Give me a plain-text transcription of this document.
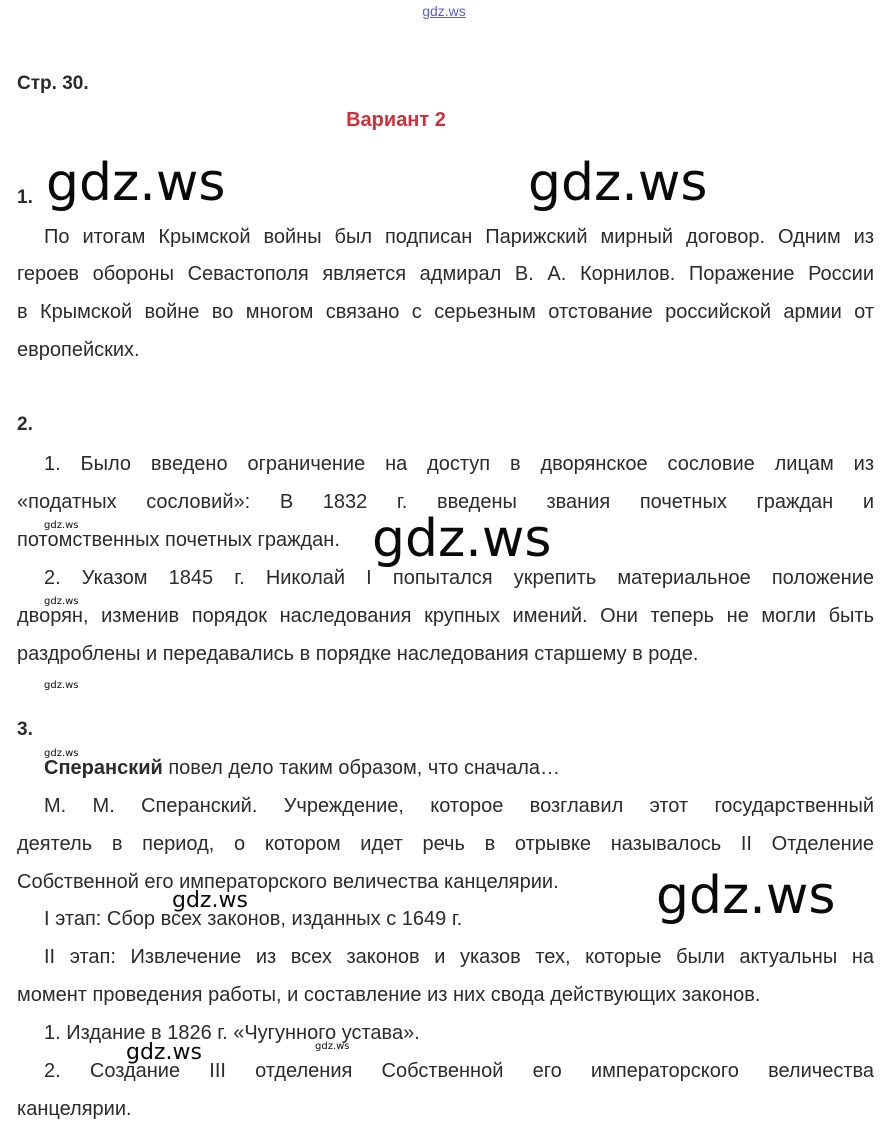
gdz.ws
Стр. 30.
Вариант 2
1.
По итогам Крымской войны был подписан Парижский мирный договор. Одним из
героев обороны Севастополя является адмирал В. А. Корнилов. Поражение России
в Крымской войне во многом связано с серьезным отстование российской армии от
европейских.
2.
1. Было введено ограничение на доступ в дворянское сословие лицам из
«податных сословий»: В 1832 г. введены звания почетных граждан и
потомственных почетных граждан.
2. Указом 1845 г. Николай I попытался укрепить материальное положение
дворян, изменив порядок наследования крупных имений. Они теперь не могли быть
раздроблены и передавались в порядке наследования старшему в роде.
3.
Сперанский повел дело таким образом, что сначала…
М. М. Сперанский. Учреждение, которое возглавил этот государственный
деятель в период, о котором идет речь в отрывке называлось II Отделение
Собственной его императорского величества канцелярии.
I этап: Сбор всех законов, изданных с 1649 г.
II этап: Извлечение из всех законов и указов тех, которые были актуальны на
момент проведения работы, и составление из них свода действующих законов.
1. Издание в 1826 г. «Чугунного устава».
2. Создание III отделения Собственной его императорского величества
канцелярии.
gdz.ws	gdz.ws
gdz.ws
gdz.ws
gdz.ws
gdz.ws
gdz.ws
gdz.ws
gdz.ws
gdz.ws
gdz.ws
